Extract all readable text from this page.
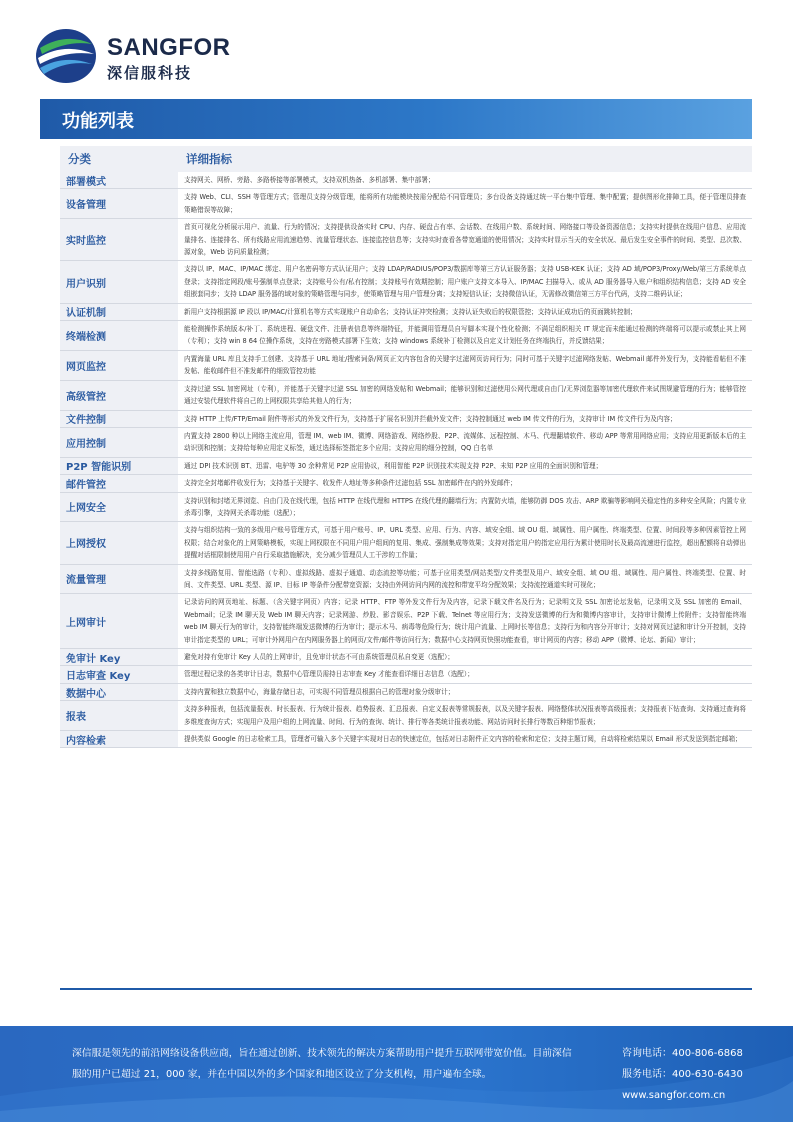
SANGFOR
深信服科技
功能列表
分类	详细指标
部署模式	支持网关、网桥、旁路、多路桥接等部署模式，支持双机热备、多机部署、集中部署；
设备管理	支持 Web、CLI、SSH 等管理方式；管理员支持分级管理，能将所有功能模块按需分配给不同管理员；多台设备支持通过统一平台集中管理、集中配置；提供图形化排障工具，便于管理员排查策略错误等故障；
实时监控	首页可视化分析展示用户、流量、行为的情况；支持提供设备实时 CPU、内存、硬盘占有率、会话数、在线用户数、系统时间、网络接口等设备资源信息；支持实时提供在线用户信息、应用流量排名、连接排名、所有线路应用流速趋势、流量管理状态、连接监控信息等；支持实时查看各带宽通道的使用情况；支持实时显示当天的安全状况、最后发生安全事件的时间、类型、总次数、源对象，Web 访问质量检测；
用户识别	支持以 IP、MAC、IP/MAC 绑定、用户名密码等方式认证用户；支持 LDAP/RADIUS/POP3/数据库等第三方认证服务器；支持 USB-KEK 认证；支持 AD 域/POP3/Proxy/Web/第三方系统单点登录；支持指定网段/账号强制单点登录；支持账号公有/私有控制；支持账号有效期控制；用户账户支持文本导入、IP/MAC 扫描导入、或从 AD 服务器导入账户和组织结构信息；支持 AD 安全组嵌套同步；支持 LDAP 服务器的域对象的策略管理与同步，使策略管理与用户管理分离；支持短信认证；支持微信认证，无需修改微信第三方平台代码，支持二维码认证；
认证机制	新用户支持根据源 IP 段以 IP/MAC/计算机名等方式实现账户自动命名；支持认证冲突检测；支持认证失败后的权限管控；支持认证成功后的页面跳转控制；
终端检测	能检测操作系统版本/补丁、系统进程、硬盘文件、注册表信息等终端特征，并能调用管理员自写脚本实现个性化检测；不满足组织相关 IT 规定而未能通过检测的终端将可以提示或禁止其上网（专利）；支持 win 8 64 位操作系统，支持在旁路模式部署下生效；支持 windows 系统补丁检测以及自定义计划任务在终端执行，并反馈结果；
网页监控	内置海量 URL 库且支持手工创建、支持基于 URL 地址/搜索词条/网页正文内容包含的关键字过滤网页访问行为；同时可基于关键字过滤网络发帖、Webmail 邮件外发行为，支持能看帖但不准发帖、能收邮件但不准发邮件的细致管控功能
高级管控	支持过滤 SSL 加密网址（专利），并能基于关键字过滤 SSL 加密的网络发帖和 Webmail；能够识别和过滤使用公网代理或自由门/无界浏览器等加密代理软件来试图规避管理的行为；能够管控通过安装代理软件将自己的上网权限共享给其他人的行为；
文件控制	支持 HTTP 上传/FTP/Email 附件等形式的外发文件行为，支持基于扩展名识别并拦截外发文件；支持控制通过 web IM 传文件的行为，支持审计 IM 传文件行为及内容；
应用控制	内置支持 2800 种以上网络主流应用，管理 IM、web IM、微博、网络游戏、网络炒股、P2P、流媒体、远程控制、木马、代理翻墙软件、移动 APP 等常用网络应用；支持应用更新版本后的主动识别和控制；支持给每种应用定义标签，通过选择标签指定多个应用；支持应用的细分控制，QQ 白名单
P2P 智能识别	通过 DPI 技术识别 BT、迅雷、电驴等 30 余种常见 P2P 应用协议，利用智能 P2P 识别技术实现支持 P2P、未知 P2P 应用的全面识别和管理；
邮件管控	支持完全封堵邮件收发行为；支持基于关键字、收发件人地址等多种条件过滤包括 SSL 加密邮件在内的外发邮件；
上网安全	支持识别和封堵无界浏览、自由门及在线代理，包括 HTTP 在线代理和 HTTPS 在线代理的翻墙行为；内置防火墙，能够防御 DOS 攻击、ARP 欺骗等影响网关稳定性的多种安全风险；内置专业杀毒引擎，支持网关杀毒功能（选配）；
上网授权	支持与组织结构一致的多级用户账号管理方式，可基于用户账号、IP、URL 类型、应用、行为、内容、域安全组、域 OU 组、域属性、用户属性、终端类型、位置、时间段等多种因素管控上网权限；结合对象化的上网策略模板，实现上网权限在不同用户用户组间的复用、集成、强制集成等效果；支持对指定用户的指定应用行为累计使用时长及最高流速进行监控，超出配额将自动弹出提醒对话框限制使用用户自行采取措施解决，充分减少管理员人工干涉的工作量；
流量管理	支持多线路复用、智能选路（专利）、虚拟线路、虚拟子通道、动态流控等功能；可基于应用类型/网站类型/文件类型及用户、域安全组、域 OU 组、域属性、用户属性、终端类型、位置、时间、文件类型、URL 类型、源 IP、目标 IP 等条件分配带宽资源；支持由外网访问内网的流控和带宽平均分配效果；支持流控通道实时可视化；
上网审计	记录访问的网页地址、标题、（含关键字网页）内容；记录 HTTP、FTP 等外发文件行为及内容，记录下载文件名及行为；记录明文及 SSL 加密论坛发帖，记录明文及 SSL 加密的 Email、Webmail；记录 IM 聊天及 Web IM 聊天内容；记录网游、炒股、影音娱乐、P2P 下载、Telnet 等应用行为；支持发送微博的行为和微博内容审计，支持审计微博上传附件；支持智能终端 web IM 聊天行为的审计，支持智能终端发送微博的行为审计；提示木马、病毒等危险行为；统计用户流量、上网时长等信息；支持行为和内容分开审计；支持对网页过滤和审计分开控制，支持审计指定类型的 URL；可审计外网用户在内网服务器上的网页/文件/邮件等访问行为；数据中心支持网页快照功能查看，审计网页的内容；移动 APP（微博、论坛、新闻）审计；
免审计 Key	避免对持有免审计 Key 人员的上网审计，且免审计状态不可由系统管理员私自变更（选配）；
日志审查 Key	管理过程记录的各类审计日志，数据中心管理员需持日志审查 Key 才能查看详细日志信息（选配）；
数据中心	支持内置和独立数据中心，海量存储日志，可实现不同管理员根据自己的管理对象分级审计；
报表	支持多种报表，包括流量报表、时长报表、行为统计报表、趋势报表、汇总报表、自定义报表等常规报表，以及关键字报表、网络整体状况报表等高级报表；支持报表下钻查询、支持通过查询将多维度查询方式；实现用户及用户组的上网流量、时间、行为的查询、统计、排行等各类统计报表功能、网站访问时长排行等数百种细节报表；
内容检索	提供类似 Google 的日志检索工具，管理者可输入多个关键字实现对日志的快速定位，包括对日志附件正文内容的检索和定位；支持主题订阅，自动将检索结果以 Email 形式发送到指定邮箱；
深信服是领先的前沿网络设备供应商，旨在通过创新、技术领先的解决方案帮助用户提升互联网带宽价值。目前深信服的用户已超过 21，000 家，并在中国以外的多个国家和地区设立了分支机构，用户遍布全球。
咨询电话：400-806-6868
服务电话：400-630-6430
www.sangfor.com.cn
